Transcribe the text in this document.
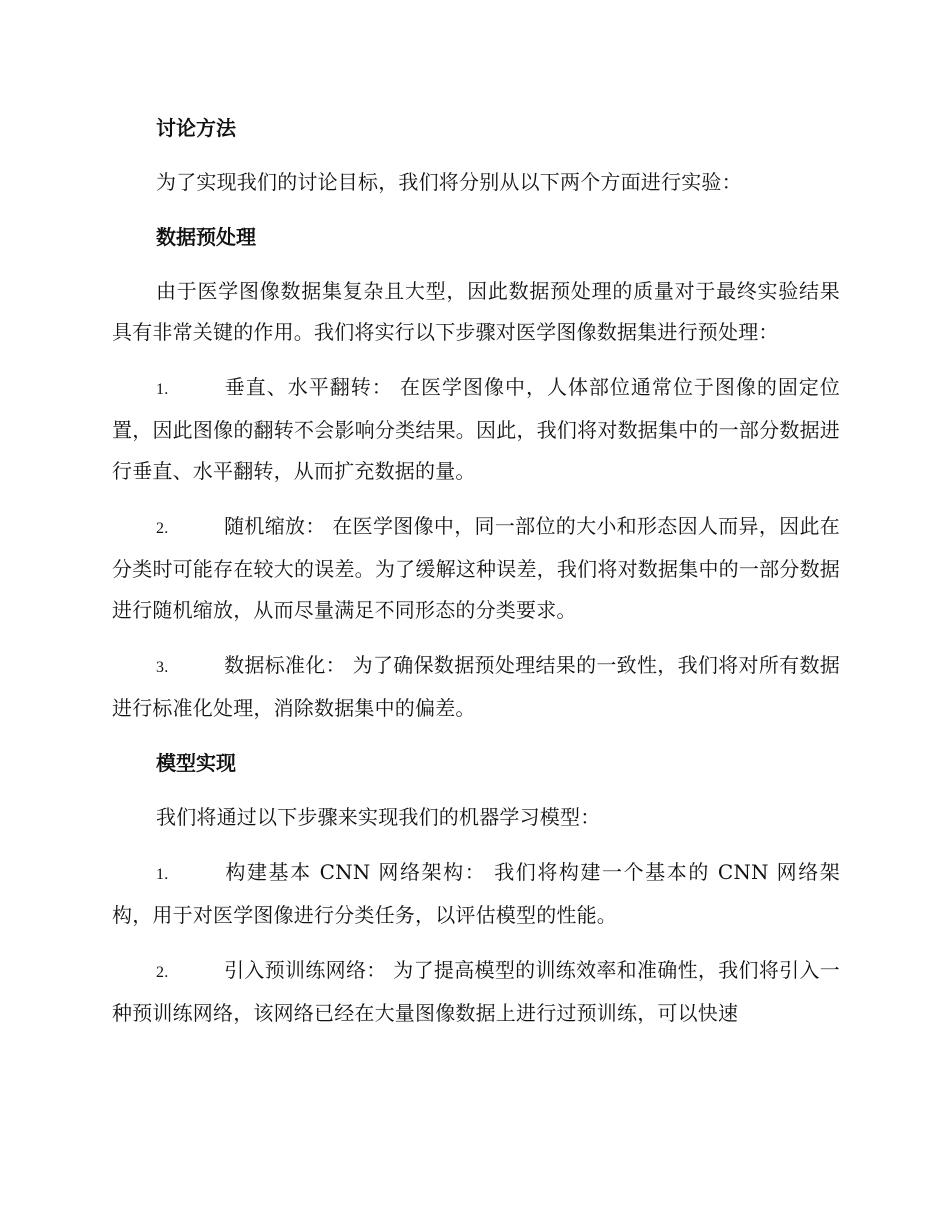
讨论方法
为了实现我们的讨论目标，我们将分别从以下两个方面进行实验：
数据预处理
由于医学图像数据集复杂且大型，因此数据预处理的质量对于最终实验结果具有非常关键的作用。我们将实行以下步骤对医学图像数据集进行预处理：
1.	垂直、水平翻转： 在医学图像中，人体部位通常位于图像的固定位置，因此图像的翻转不会影响分类结果。因此，我们将对数据集中的一部分数据进行垂直、水平翻转，从而扩充数据的量。
2.	随机缩放： 在医学图像中，同一部位的大小和形态因人而异，因此在分类时可能存在较大的误差。为了缓解这种误差，我们将对数据集中的一部分数据进行随机缩放，从而尽量满足不同形态的分类要求。
3.	数据标准化： 为了确保数据预处理结果的一致性，我们将对所有数据进行标准化处理，消除数据集中的偏差。
模型实现
我们将通过以下步骤来实现我们的机器学习模型：
1.	构建基本 CNN 网络架构： 我们将构建一个基本的 CNN 网络架构，用于对医学图像进行分类任务，以评估模型的性能。
2.	引入预训练网络： 为了提高模型的训练效率和准确性，我们将引入一种预训练网络，该网络已经在大量图像数据上进行过预训练，可以快速
